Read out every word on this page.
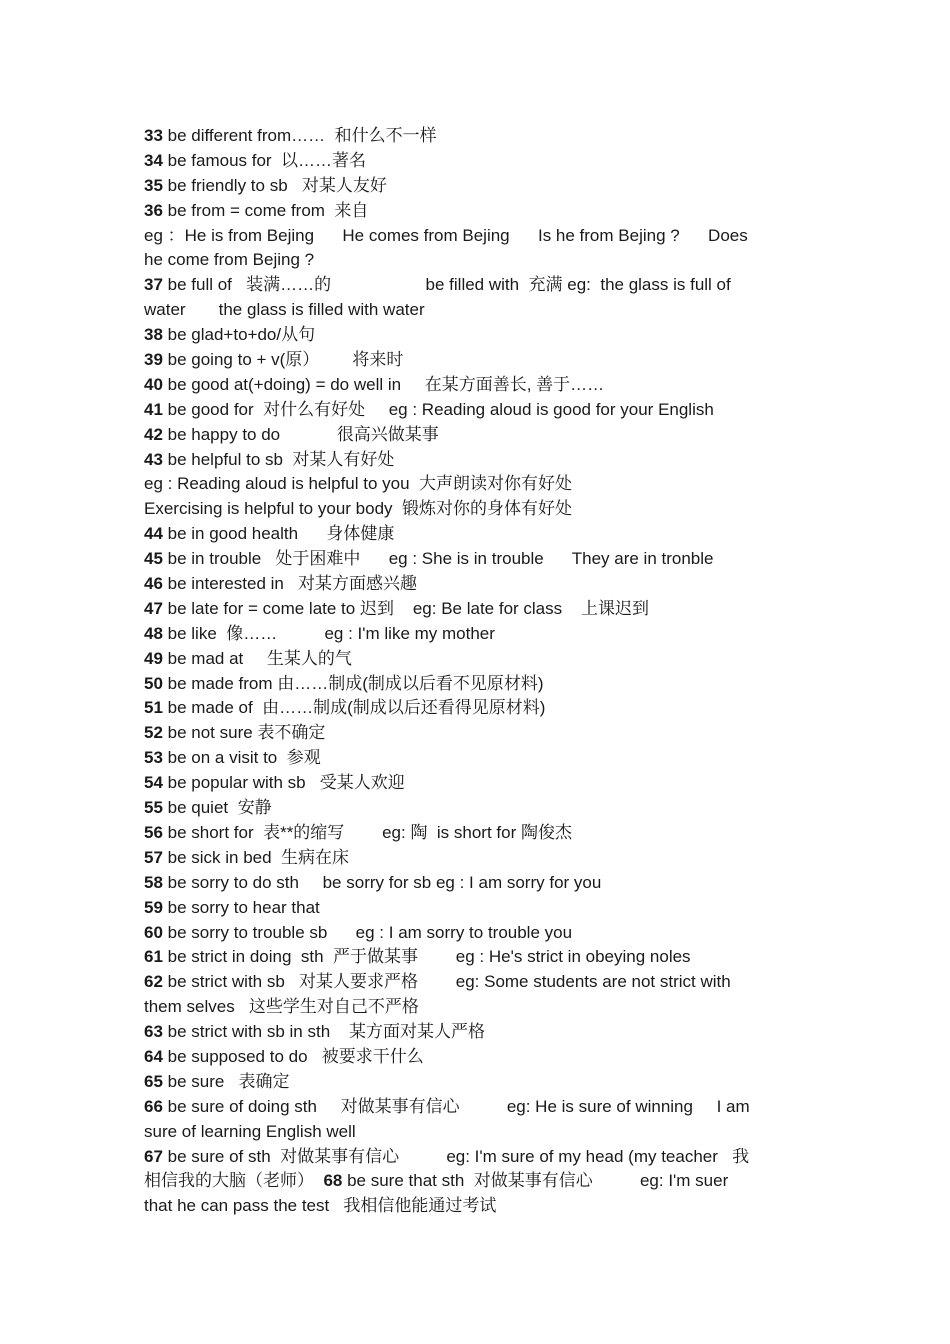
33 be different from……  和什么不一样
34 be famous for  以……著名
35 be friendly to sb   对某人友好
36 be from = come from  来自
eg ：He is from Bejing      He comes from Bejing      Is he from Bejing ?      Does
he come from Bejing ?
37 be full of   装满……的                    be filled with  充满 eg:  the glass is full of
water       the glass is filled with water
38 be glad+to+do/从句
39 be going to + v(原）       将来时
40 be good at(+doing) = do well in     在某方面善长, 善于……
41 be good for  对什么有好处     eg : Reading aloud is good for your English
42 be happy to do            很高兴做某事
43 be helpful to sb  对某人有好处
eg : Reading aloud is helpful to you  大声朗读对你有好处
Exercising is helpful to your body  锻炼对你的身体有好处
44 be in good health      身体健康
45 be in trouble   处于困难中      eg : She is in trouble      They are in tronble
46 be interested in   对某方面感兴趣
47 be late for = come late to 迟到    eg: Be late for class    上课迟到
48 be like  像……          eg : I'm like my mother
49 be mad at     生某人的气
50 be made from 由……制成(制成以后看不见原材料)
51 be made of  由……制成(制成以后还看得见原材料)
52 be not sure 表不确定
53 be on a visit to  参观
54 be popular with sb   受某人欢迎
55 be quiet  安静
56 be short for  表**的缩写        eg: 陶  is short for 陶俊杰
57 be sick in bed  生病在床
58 be sorry to do sth     be sorry for sb eg : I am sorry for you
59 be sorry to hear that
60 be sorry to trouble sb      eg : I am sorry to trouble you
61 be strict in doing  sth  严于做某事        eg : He's strict in obeying noles
62 be strict with sb   对某人要求严格        eg: Some students are not strict with
them selves   这些学生对自己不严格
63 be strict with sb in sth    某方面对某人严格
64 be supposed to do   被要求干什么
65 be sure   表确定
66 be sure of doing sth     对做某事有信心          eg: He is sure of winning     I am
sure of learning English well
67 be sure of sth  对做某事有信心          eg: I'm sure of my head (my teacher   我
相信我的大脑（老师）  68 be sure that sth  对做某事有信心          eg: I'm suer
that he can pass the test   我相信他能通过考试
